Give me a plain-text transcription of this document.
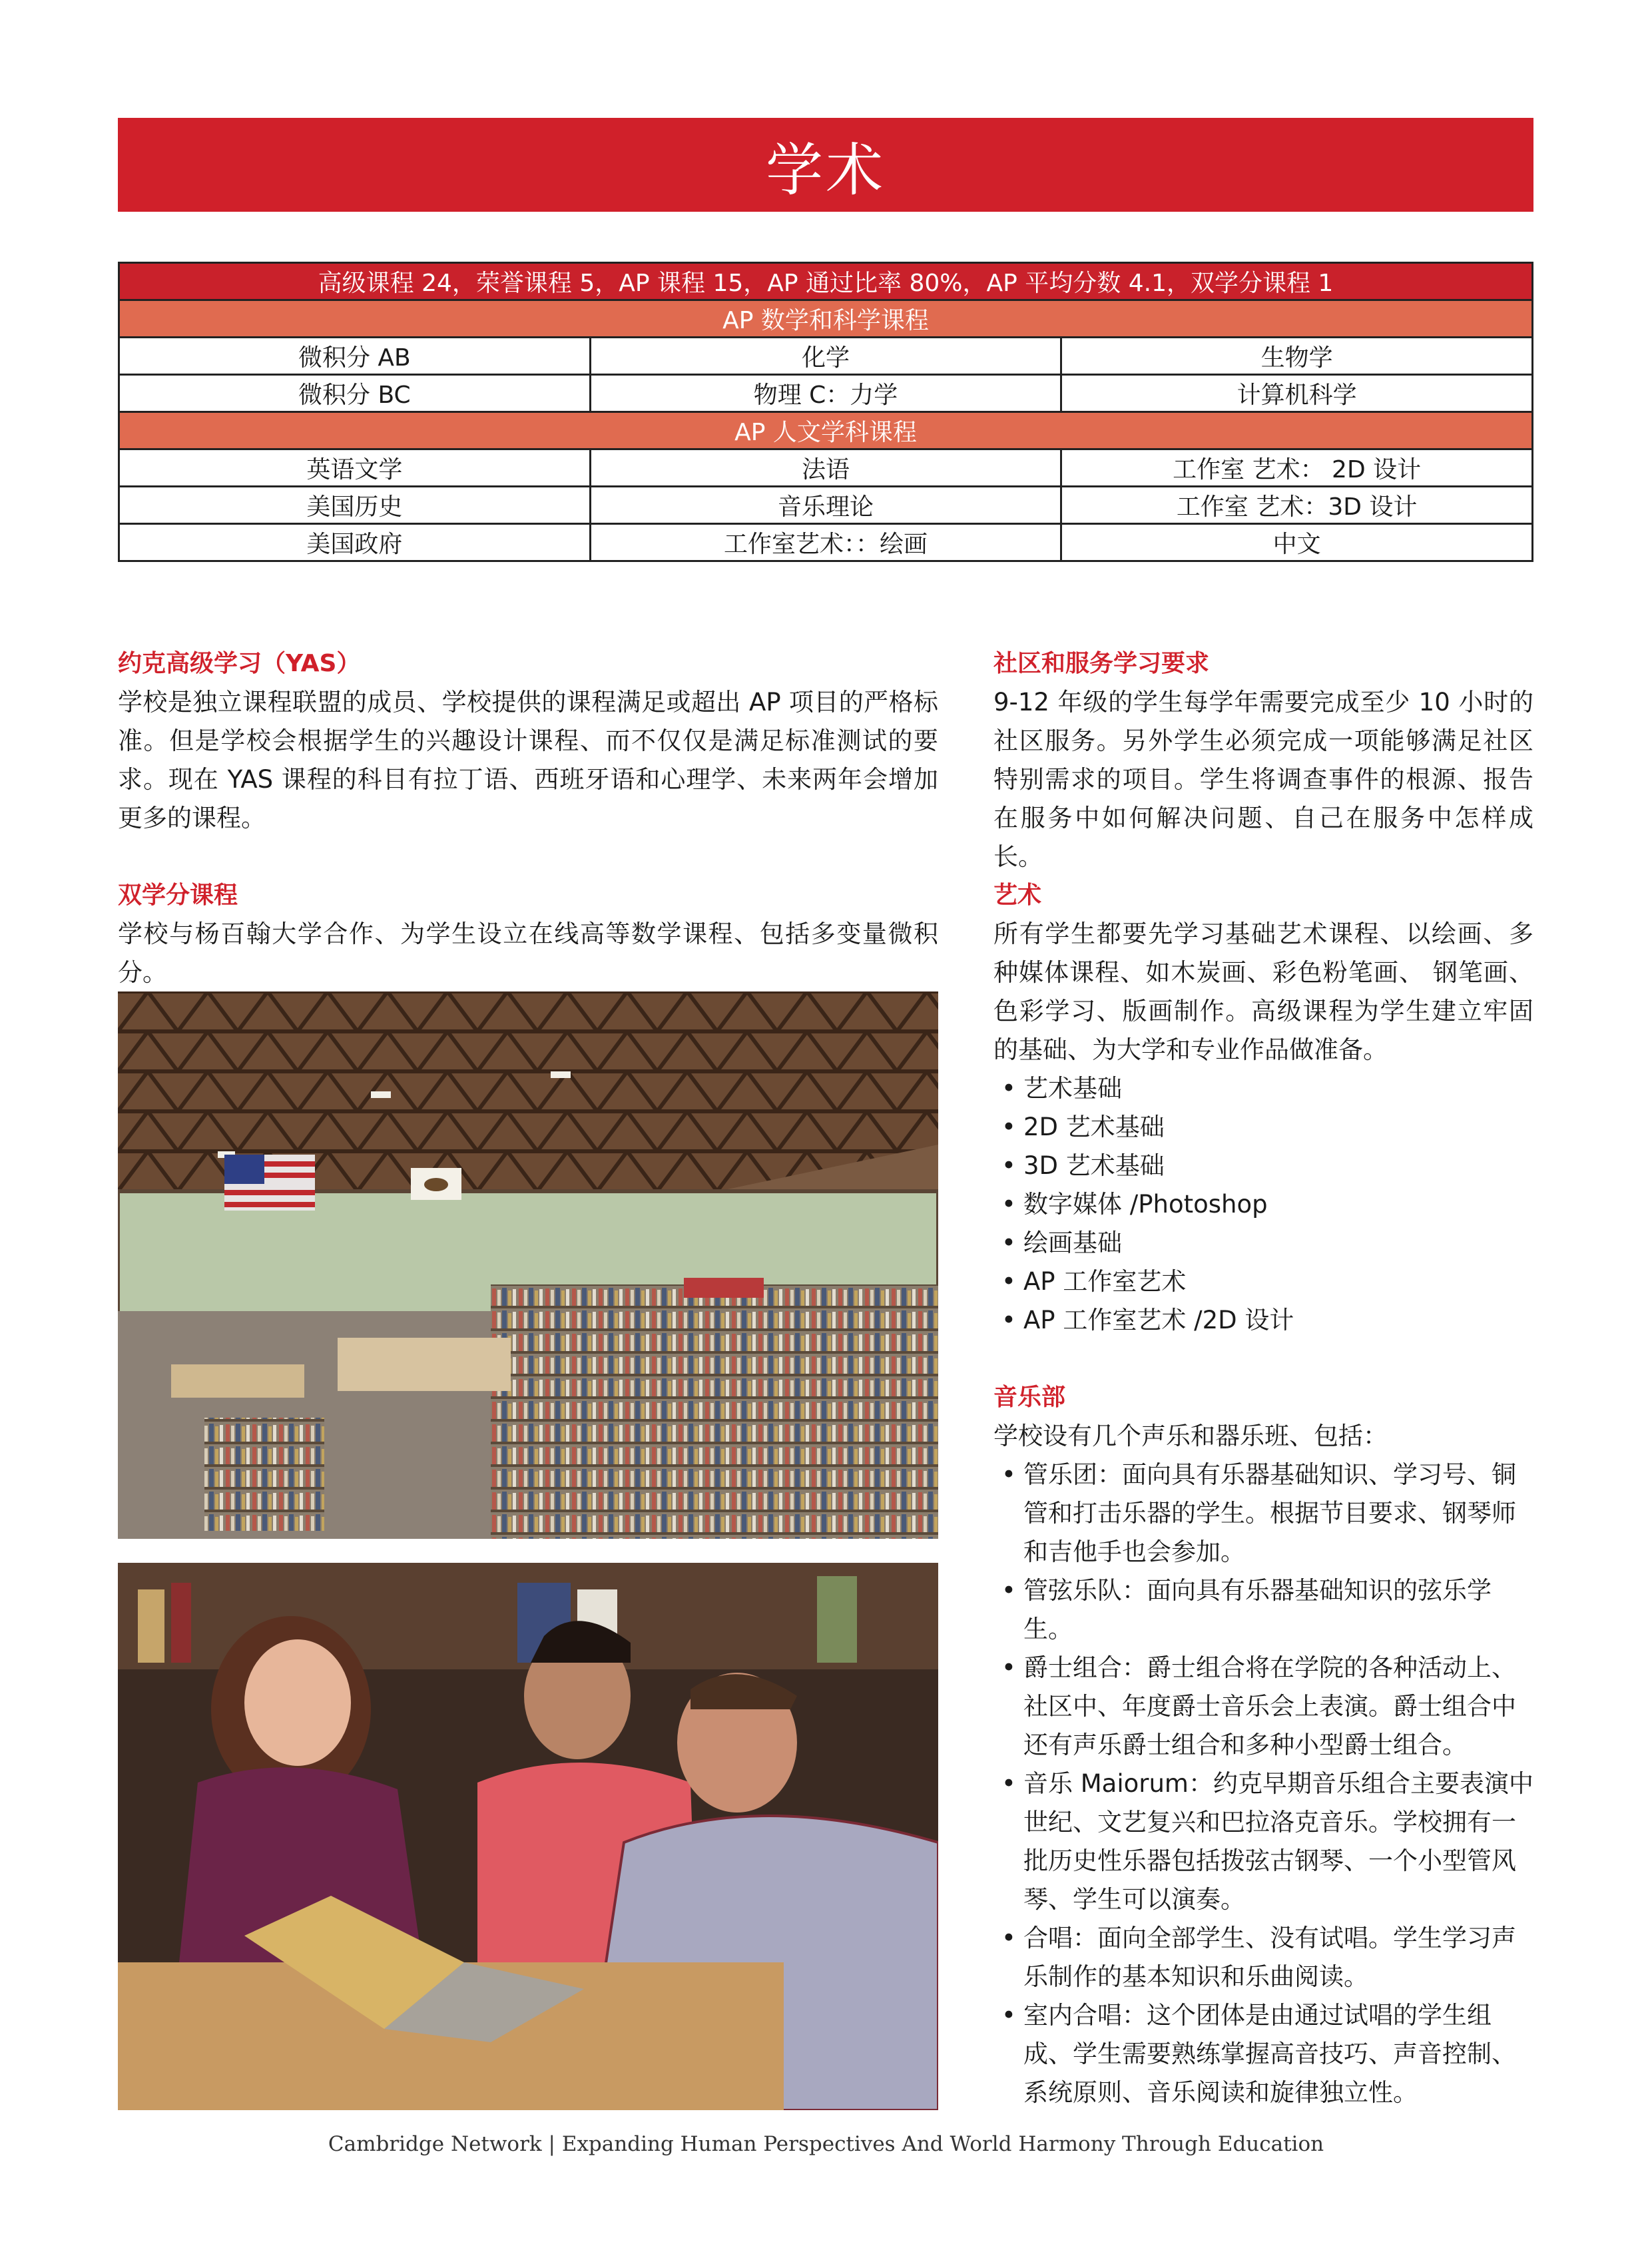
学术
高级课程 24，荣誉课程 5，AP 课程 15，AP 通过比率 80%，AP 平均分数 4.1，双学分课程 1		
AP 数学和科学课程		
微积分 AB	化学	生物学
微积分 BC	物理 C：力学	计算机科学
AP 人文学科课程		
英语文学	法语	工作室 艺术： 2D 设计
美国历史	音乐理论	工作室 艺术：3D 设计
美国政府	工作室艺术：：绘画	中文
约克高级学习（YAS）

学校是独立课程联盟的成员、学校提供的课程满足或超出 AP 项目的严格标准。但是学校会根据学生的兴趣设计课程、而不仅仅是满足标准测试的要求。现在 YAS 课程的科目有拉丁语、西班牙语和心理学、未来两年会增加更多的课程。

双学分课程

学校与杨百翰大学合作、为学生设立在线高等数学课程、包括多变量微积分。

社区和服务学习要求

9-12 年级的学生每学年需要完成至少 10 小时的社区服务。另外学生必须完成一项能够满足社区特别需求的项目。学生将调查事件的根源、报告在服务中如何解决问题、自己在服务中怎样成长。

艺术

所有学生都要先学习基础艺术课程、以绘画、多种媒体课程、如木炭画、彩色粉笔画、 钢笔画、色彩学习、版画制作。高级课程为学生建立牢固的基础、为大学和专业作品做准备。

• 艺术基础
• 2D 艺术基础
• 3D 艺术基础
• 数字媒体 /Photoshop
• 绘画基础
• AP 工作室艺术
• AP 工作室艺术 /2D 设计
音乐部

学校设有几个声乐和器乐班、包括：

• 管乐团：面向具有乐器基础知识、学习号、铜管和打击乐器的学生。根据节目要求、钢琴师和吉他手也会参加。
• 管弦乐队：面向具有乐器基础知识的弦乐学生。
• 爵士组合：爵士组合将在学院的各种活动上、社区中、年度爵士音乐会上表演。爵士组合中还有声乐爵士组合和多种小型爵士组合。
• 音乐 Maiorum：约克早期音乐组合主要表演中世纪、文艺复兴和巴拉洛克音乐。学校拥有一批历史性乐器包括拨弦古钢琴、一个小型管风琴、学生可以演奏。
• 合唱：面向全部学生、没有试唱。学生学习声乐制作的基本知识和乐曲阅读。
• 室内合唱：这个团体是由通过试唱的学生组成、学生需要熟练掌握高音技巧、声音控制、系统原则、音乐阅读和旋律独立性。
Cambridge Network | Expanding Human Perspectives And World Harmony Through Education
